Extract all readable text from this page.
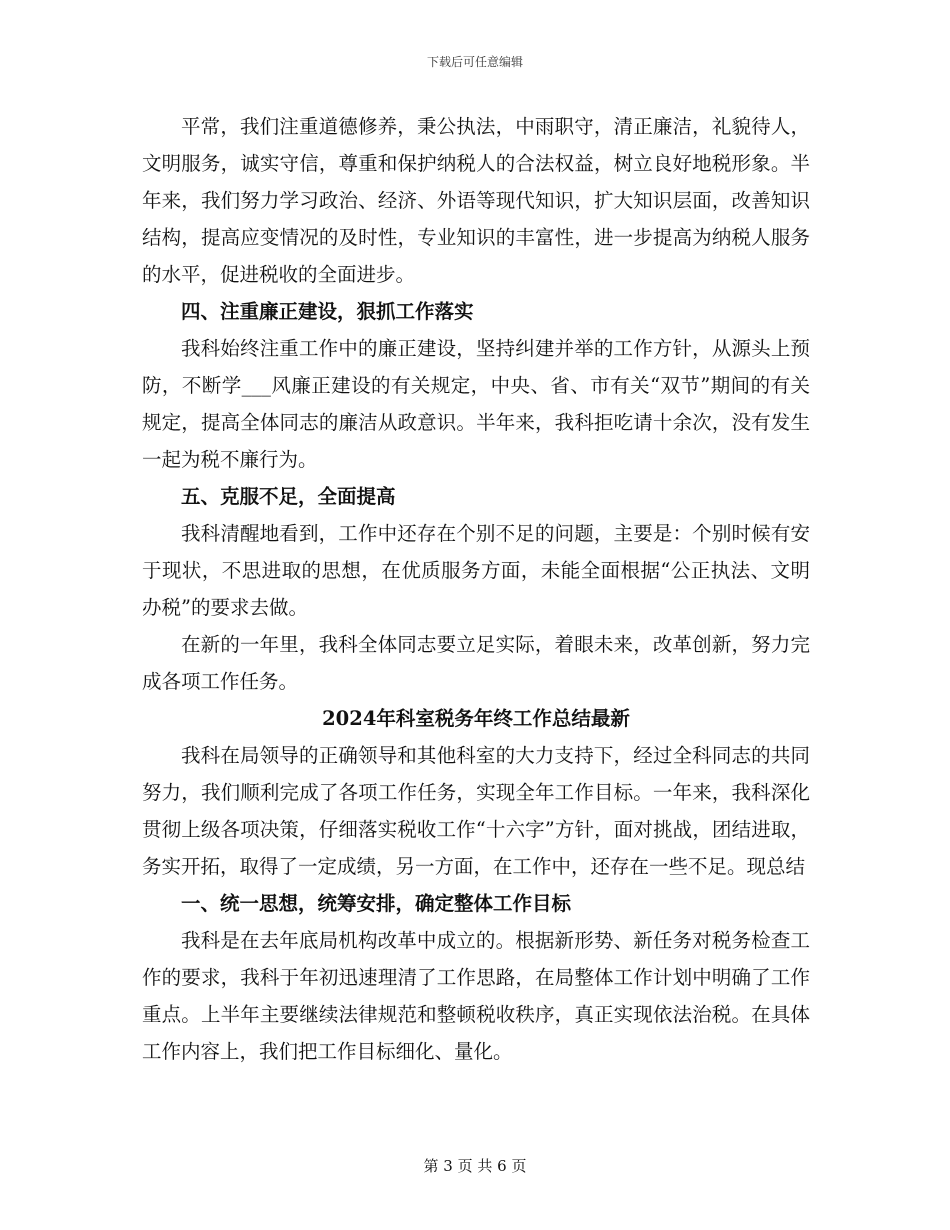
下载后可任意编辑

平常，我们注重道德修养，秉公执法，中雨职守，清正廉洁，礼貌待人，文明服务，诚实守信，尊重和保护纳税人的合法权益，树立良好地税形象。半年来，我们努力学习政治、经济、外语等现代知识，扩大知识层面，改善知识结构，提高应变情况的及时性，专业知识的丰富性，进一步提高为纳税人服务的水平，促进税收的全面进步。

四、注重廉正建设，狠抓工作落实

我科始终注重工作中的廉正建设，坚持纠建并举的工作方针，从源头上预防，不断学___风廉正建设的有关规定，中央、省、市有关“双节”期间的有关规定，提高全体同志的廉洁从政意识。半年来，我科拒吃请十余次，没有发生一起为税不廉行为。

五、克服不足，全面提高

我科清醒地看到，工作中还存在个别不足的问题，主要是：个别时候有安于现状，不思进取的思想，在优质服务方面，未能全面根据“公正执法、文明办税”的要求去做。

在新的一年里，我科全体同志要立足实际，着眼未来，改革创新，努力完成各项工作任务。

2024年科室税务年终工作总结最新

我科在局领导的正确领导和其他科室的大力支持下，经过全科同志的共同努力，我们顺利完成了各项工作任务，实现全年工作目标。一年来，我科深化贯彻上级各项决策，仔细落实税收工作“十六字”方针，面对挑战，团结进取，务实开拓，取得了一定成绩，另一方面，在工作中，还存在一些不足。现总结

一、统一思想，统筹安排，确定整体工作目标

我科是在去年底局机构改革中成立的。根据新形势、新任务对税务检查工作的要求，我科于年初迅速理清了工作思路，在局整体工作计划中明确了工作重点。上半年主要继续法律规范和整顿税收秩序，真正实现依法治税。在具体工作内容上，我们把工作目标细化、量化。

第 3 页 共 6 页
